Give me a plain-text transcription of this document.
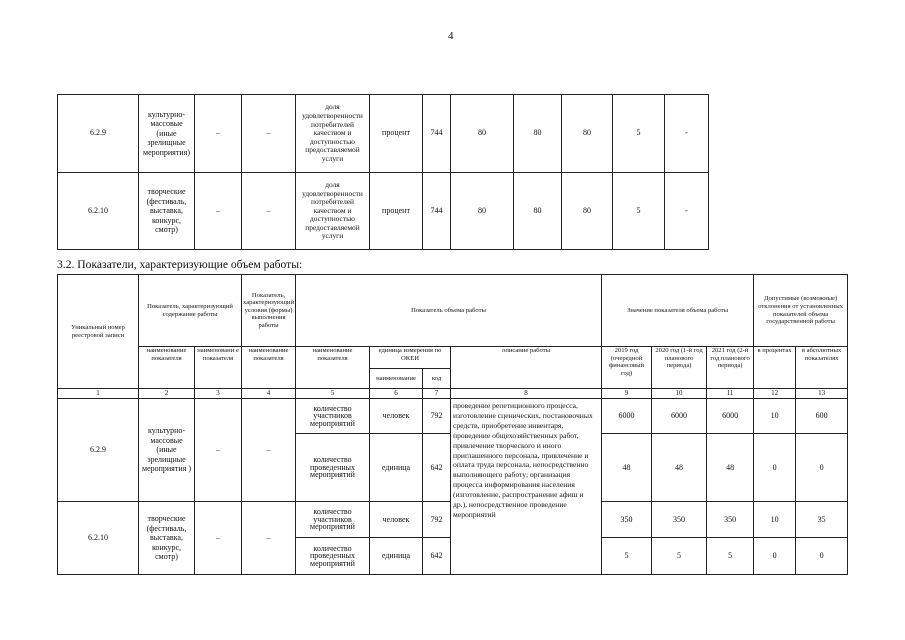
4
6.2.9	культурно-массовые (иные зрелищные мероприятия)	–	–	доля удовлетворенности потребителей качеством и доступностью предоставляемой услуги	процент	744	80	80	80	5	-
6.2.10	творческие (фестиваль, выставка, конкурс, смотр)	–	–	доля удовлетворенности потребителей качеством и доступностью предоставляемой услуги	процент	744	80	80	80	5	-
3.2. Показатели, характеризующие объем работы:
Уникальный номер реестровой записи	Показатель, характеризующий содержание работы		Показатель, характеризующий условия (формы) выполнения работы	Показатель объема работы				Значение показателя объема работы			Допустимые (возможные) отклонения от установленных показателей объема государственной работы	
	наименование показателя	наименовани е показателя	наименование показателя	наименование показателя	единица измерения по ОКЕИ		описание работы	2019 год (очередной финансовый год)	2020 год (1-й год планового периода)	2021 год (2-й год планового периода)	в процентах	в абсолютных показателях
					наименование	код						
1	2	3	4	5	6	7	8	9	10	11	12	13
6.2.9	культурно-массовые (иные зрелищные мероприятия )	–	–	количество участников мероприятий	человек	792	проведение репетиционного процесса, изготовление сценических, постановочных средств, приобретение инвентаря, проведение общехозяйственных работ, привлечение творческого и иного приглашенного персонала, привлечение и оплата труда персонала, непосредственно выполняющего работу; организация процесса информирования населения (изготовление, распространение афиш и др.), непосредственное проведение мероприятий	6000	6000	6000	10	600
				количество проведенных мероприятий	единица	642		48	48	48	0	0
6.2.10	творческие (фестиваль, выставка, конкурс, смотр)	–	–	количество участников мероприятий	человек	792		350	350	350	10	35
				количество проведенных мероприятий	единица	642		5	5	5	0	0
